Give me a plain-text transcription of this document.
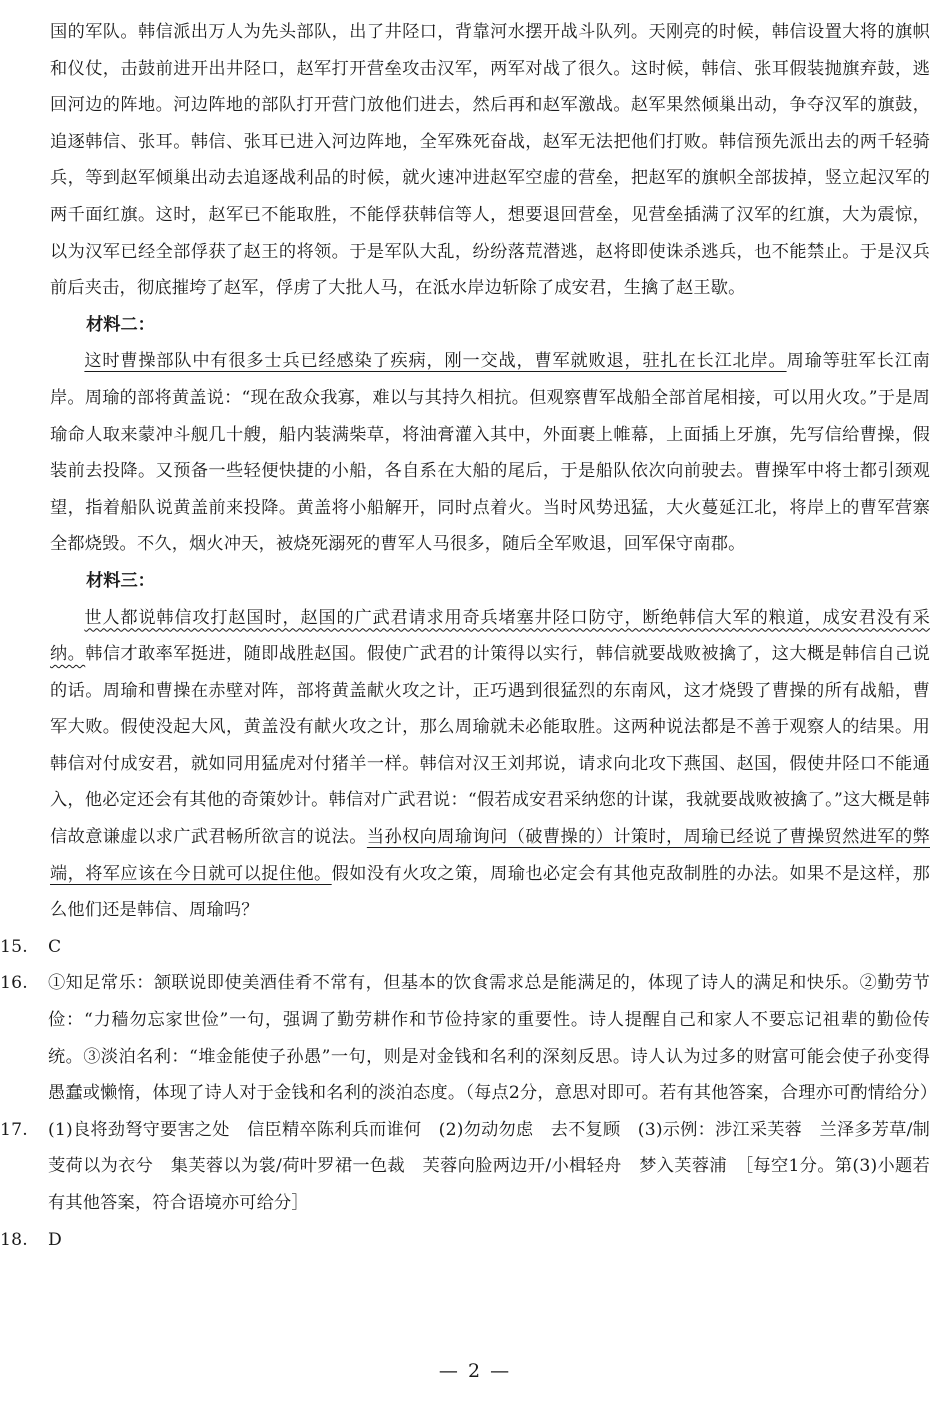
国的军队。韩信派出万人为先头部队，出了井陉口，背靠河水摆开战斗队列。天刚亮的时候，韩信设置大将的旗帜和仪仗，击鼓前进开出井陉口，赵军打开营垒攻击汉军，两军对战了很久。这时候，韩信、张耳假装抛旗弃鼓，逃回河边的阵地。河边阵地的部队打开营门放他们进去，然后再和赵军激战。赵军果然倾巢出动，争夺汉军的旗鼓，追逐韩信、张耳。韩信、张耳已进入河边阵地，全军殊死奋战，赵军无法把他们打败。韩信预先派出去的两千轻骑兵，等到赵军倾巢出动去追逐战利品的时候，就火速冲进赵军空虚的营垒，把赵军的旗帜全部拔掉，竖立起汉军的两千面红旗。这时，赵军已不能取胜，不能俘获韩信等人，想要退回营垒，见营垒插满了汉军的红旗，大为震惊，以为汉军已经全部俘获了赵王的将领。于是军队大乱，纷纷落荒潜逃，赵将即使诛杀逃兵，也不能禁止。于是汉兵前后夹击，彻底摧垮了赵军，俘虏了大批人马，在泜水岸边斩除了成安君，生擒了赵王歇。

材料二：

这时曹操部队中有很多士兵已经感染了疾病，刚一交战，曹军就败退，驻扎在长江北岸。周瑜等驻军长江南岸。周瑜的部将黄盖说：“现在敌众我寡，难以与其持久相抗。但观察曹军战船全部首尾相接，可以用火攻。”于是周瑜命人取来蒙冲斗舰几十艘，船内装满柴草，将油膏灌入其中，外面裹上帷幕，上面插上牙旗，先写信给曹操，假装前去投降。又预备一些轻便快捷的小船，各自系在大船的尾后，于是船队依次向前驶去。曹操军中将士都引颈观望，指着船队说黄盖前来投降。黄盖将小船解开，同时点着火。当时风势迅猛，大火蔓延江北，将岸上的曹军营寨全都烧毁。不久，烟火冲天，被烧死溺死的曹军人马很多，随后全军败退，回军保守南郡。

材料三：

世人都说韩信攻打赵国时，赵国的广武君请求用奇兵堵塞井陉口防守，断绝韩信大军的粮道，成安君没有采纳。韩信才敢率军挺进，随即战胜赵国。假使广武君的计策得以实行，韩信就要战败被擒了，这大概是韩信自己说的话。周瑜和曹操在赤壁对阵，部将黄盖献火攻之计，正巧遇到很猛烈的东南风，这才烧毁了曹操的所有战船，曹军大败。假使没起大风，黄盖没有献火攻之计，那么周瑜就未必能取胜。这两种说法都是不善于观察人的结果。用韩信对付成安君，就如同用猛虎对付猪羊一样。韩信对汉王刘邦说，请求向北攻下燕国、赵国，假使井陉口不能通入，他必定还会有其他的奇策妙计。韩信对广武君说：“假若成安君采纳您的计谋，我就要战败被擒了。”这大概是韩信故意谦虚以求广武君畅所欲言的说法。当孙权向周瑜询问（破曹操的）计策时，周瑜已经说了曹操贸然进军的弊端，将军应该在今日就可以捉住他。假如没有火攻之策，周瑜也必定会有其他克敌制胜的办法。如果不是这样，那么他们还是韩信、周瑜吗？

15.	C
16.	①知足常乐：颔联说即使美酒佳肴不常有，但基本的饮食需求总是能满足的，体现了诗人的满足和快乐。②勤劳节俭：“力穑勿忘家世俭”一句，强调了勤劳耕作和节俭持家的重要性。诗人提醒自己和家人不要忘记祖辈的勤俭传统。③淡泊名利：“堆金能使子孙愚”一句，则是对金钱和名利的深刻反思。诗人认为过多的财富可能会使子孙变得愚蠢或懒惰，体现了诗人对于金钱和名利的淡泊态度。（每点2分，意思对即可。若有其他答案，合理亦可酌情给分）
17.	(1)良将劲弩守要害之处　信臣精卒陈利兵而谁何　(2)勿动勿虑　去不复顾　(3)示例：涉江采芙蓉　兰泽多芳草/制芰荷以为衣兮　集芙蓉以为裳/荷叶罗裙一色裁　芙蓉向脸两边开/小楫轻舟　梦入芙蓉浦　［每空1分。第(3)小题若有其他答案，符合语境亦可给分］
18.	D
— 2 —
